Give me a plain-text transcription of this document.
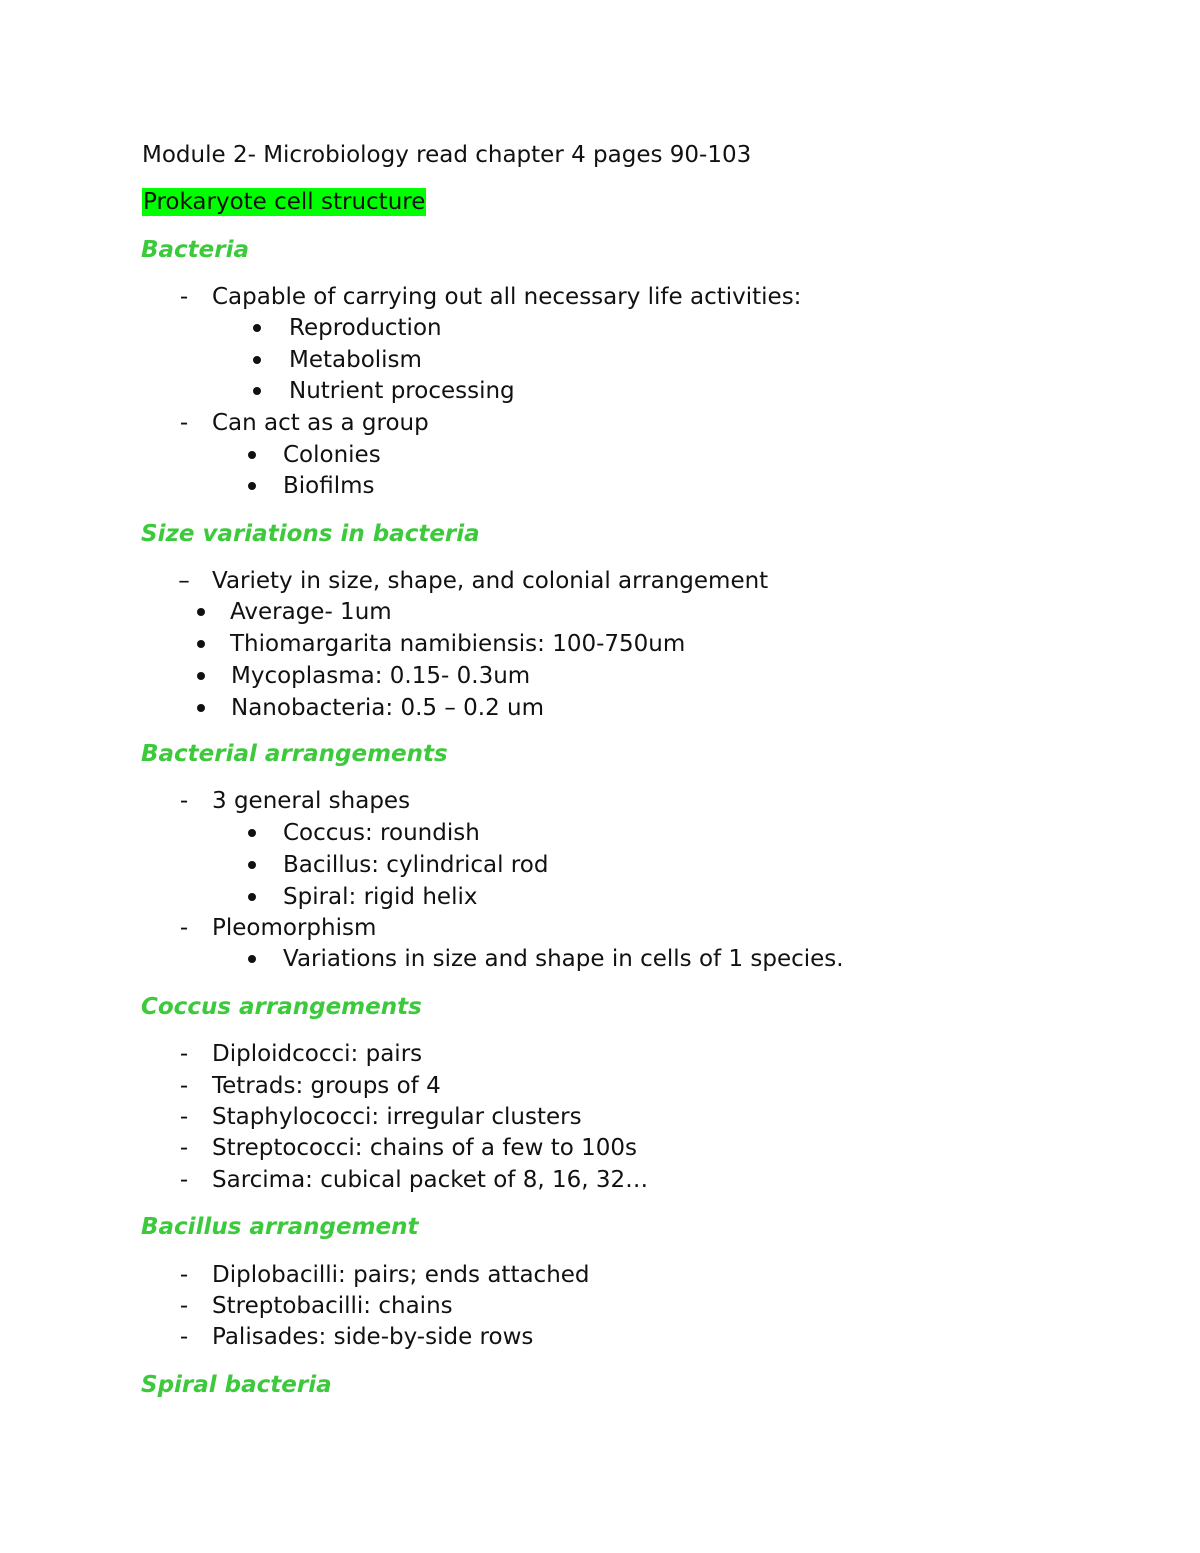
Module 2- Microbiology read chapter 4 pages 90-103
Prokaryote cell structure
Bacteria
- Capable of carrying out all necessary life activities:
Reproduction
Metabolism
Nutrient processing
- Can act as a group
Colonies
Biofilms
Size variations in bacteria
– Variety in size, shape, and colonial arrangement
Average- 1um
Thiomargarita namibiensis: 100-750um
Mycoplasma: 0.15- 0.3um
Nanobacteria: 0.5 – 0.2 um
Bacterial arrangements
- 3 general shapes
Coccus: roundish
Bacillus: cylindrical rod
Spiral: rigid helix
- Pleomorphism
Variations in size and shape in cells of 1 species.
Coccus arrangements
- Diploidcocci: pairs
- Tetrads: groups of 4
- Staphylococci: irregular clusters
- Streptococci: chains of a few to 100s
- Sarcima: cubical packet of 8, 16, 32…
Bacillus arrangement
- Diplobacilli: pairs; ends attached
- Streptobacilli: chains
- Palisades: side-by-side rows
Spiral bacteria
